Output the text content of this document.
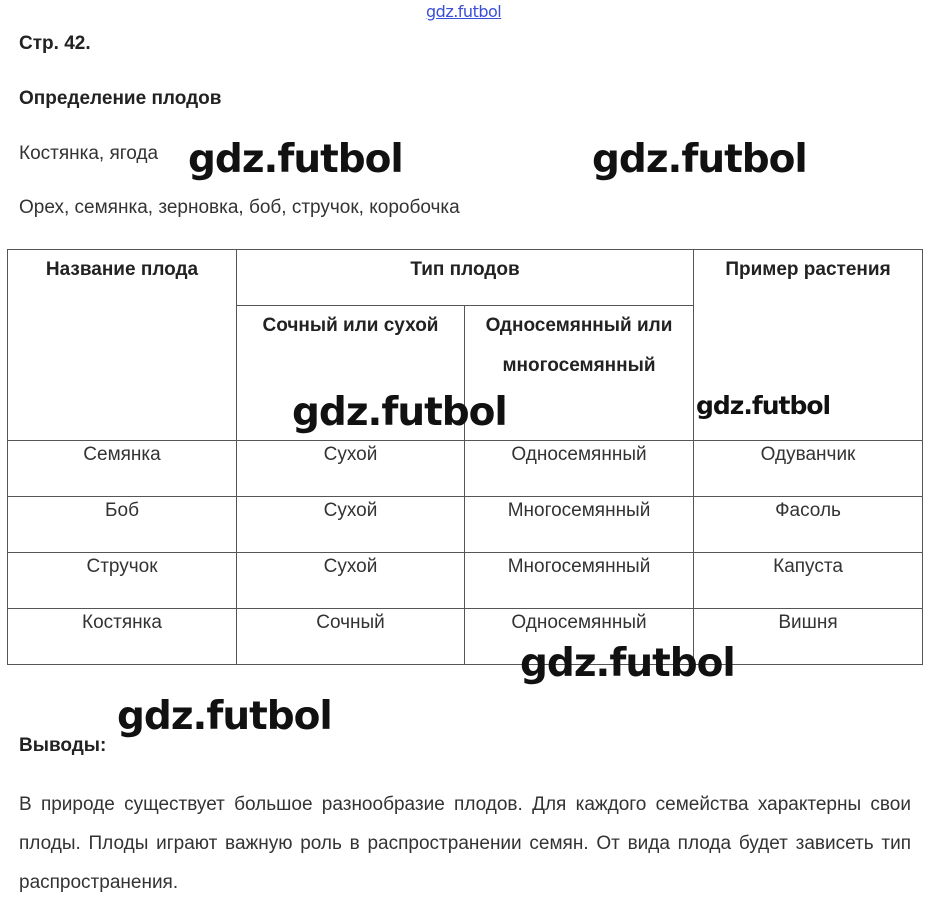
gdz.futbol
Стр. 42.
Определение плодов
Костянка, ягода
Орех, семянка, зерновка, боб, стручок, коробочка
Название плода	Тип плодов		Пример растения
	Сочный или сухой	Односемянный или многосемянный	
Семянка	Сухой	Односемянный	Одуванчик
Боб	Сухой	Многосемянный	Фасоль
Стручок	Сухой	Многосемянный	Капуста
Костянка	Сочный	Односемянный	Вишня
Выводы:
В природе существует большое разнообразие плодов. Для каждого семейства характерны свои плоды. Плоды играют важную роль в распространении семян. От вида плода будет зависеть тип распространения.
gdz.futbol	gdz.futbol
gdz.futbol	gdz.futbol
gdz.futbol
gdz.futbol
